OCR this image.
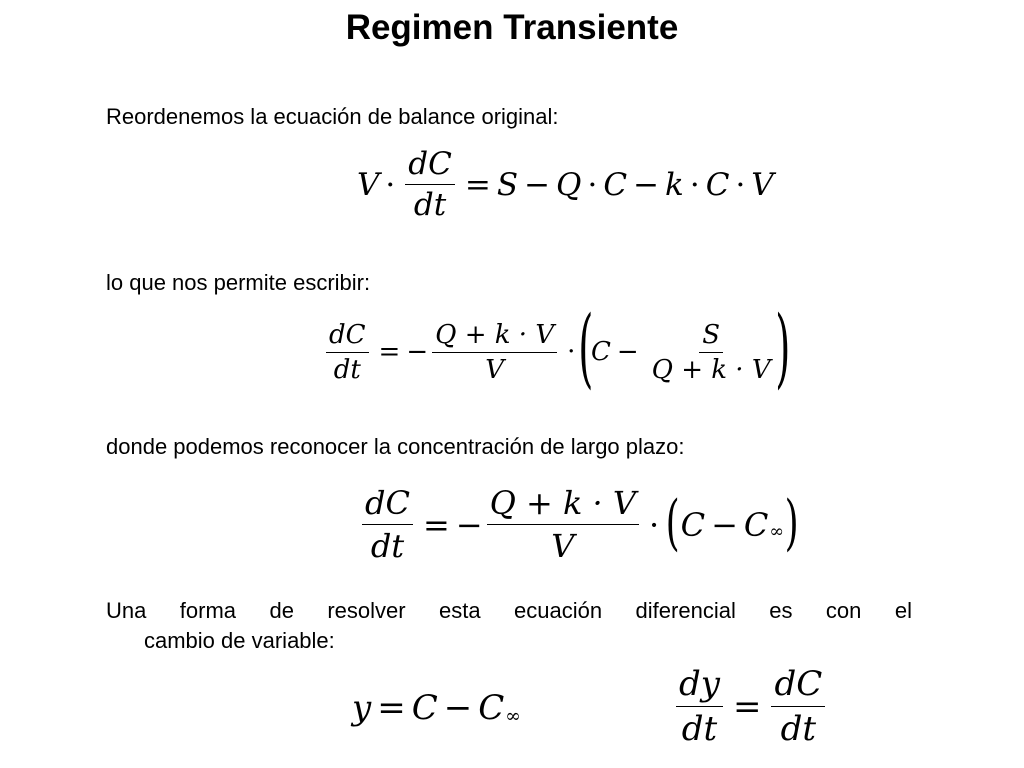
Regimen Transiente
Reordenemos la ecuación de balance original:
$V \cdot \frac{dC}{dt} = S - Q \cdot C - k \cdot C \cdot V$
lo que nos permite escribir:
$\frac{dC}{dt}$ = − $\frac{Q + k \cdot V}{V}$ · (
$C - \frac{S}{Q + k \cdot V}$ )
donde podemos reconocer la concentración de largo plazo:
$\frac{dC}{dt}$ = − $\frac{Q + k \cdot V}{V}$ · ( C − C ∞ )
Una forma de resolver esta ecuación diferencial es con el
cambio de variable:
y = C − C ∞	$\frac{dy}{dt} = \frac{dC}{dt}$
